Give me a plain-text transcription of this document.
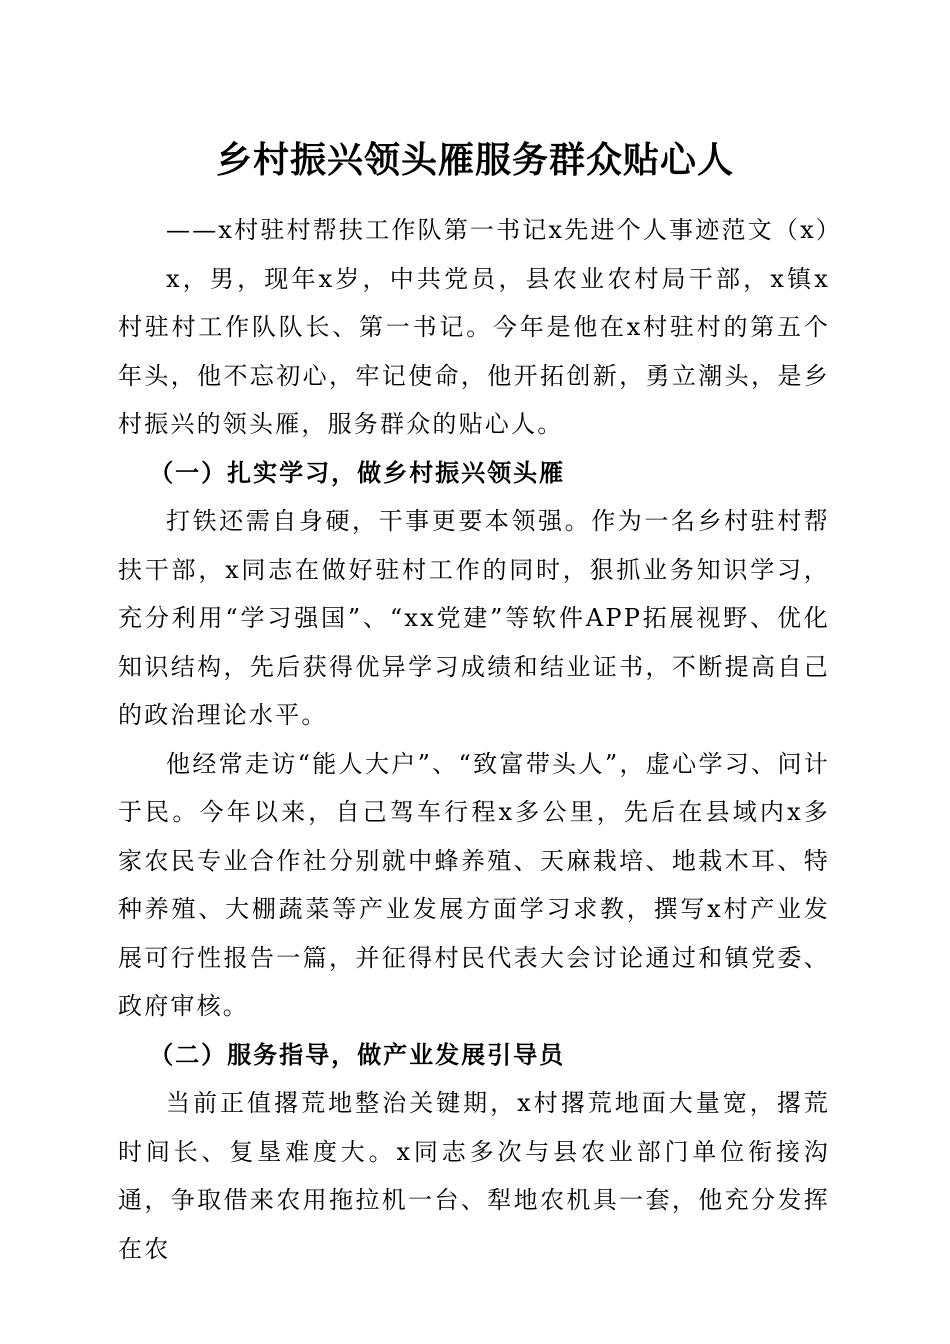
乡村振兴领头雁服务群众贴心人

——x村驻村帮扶工作队第一书记x先进个人事迹范文（x）

x，男，现年x岁，中共党员，县农业农村局干部，x镇x村驻村工作队队长、第一书记。今年是他在x村驻村的第五个年头，他不忘初心，牢记使命，他开拓创新，勇立潮头，是乡村振兴的领头雁，服务群众的贴心人。

（一）扎实学习，做乡村振兴领头雁

打铁还需自身硬，干事更要本领强。作为一名乡村驻村帮扶干部，x同志在做好驻村工作的同时，狠抓业务知识学习，充分利用“学习强国”、“xx党建”等软件APP拓展视野、优化知识结构，先后获得优异学习成绩和结业证书，不断提高自己的政治理论水平。

他经常走访“能人大户”、“致富带头人”，虚心学习、问计于民。今年以来，自己驾车行程x多公里，先后在县域内x多家农民专业合作社分别就中蜂养殖、天麻栽培、地栽木耳、特种养殖、大棚蔬菜等产业发展方面学习求教，撰写x村产业发展可行性报告一篇，并征得村民代表大会讨论通过和镇党委、政府审核。

（二）服务指导，做产业发展引导员

当前正值撂荒地整治关键期，x村撂荒地面大量宽，撂荒时间长、复垦难度大。x同志多次与县农业部门单位衔接沟通，争取借来农用拖拉机一台、犁地农机具一套，他充分发挥在农
